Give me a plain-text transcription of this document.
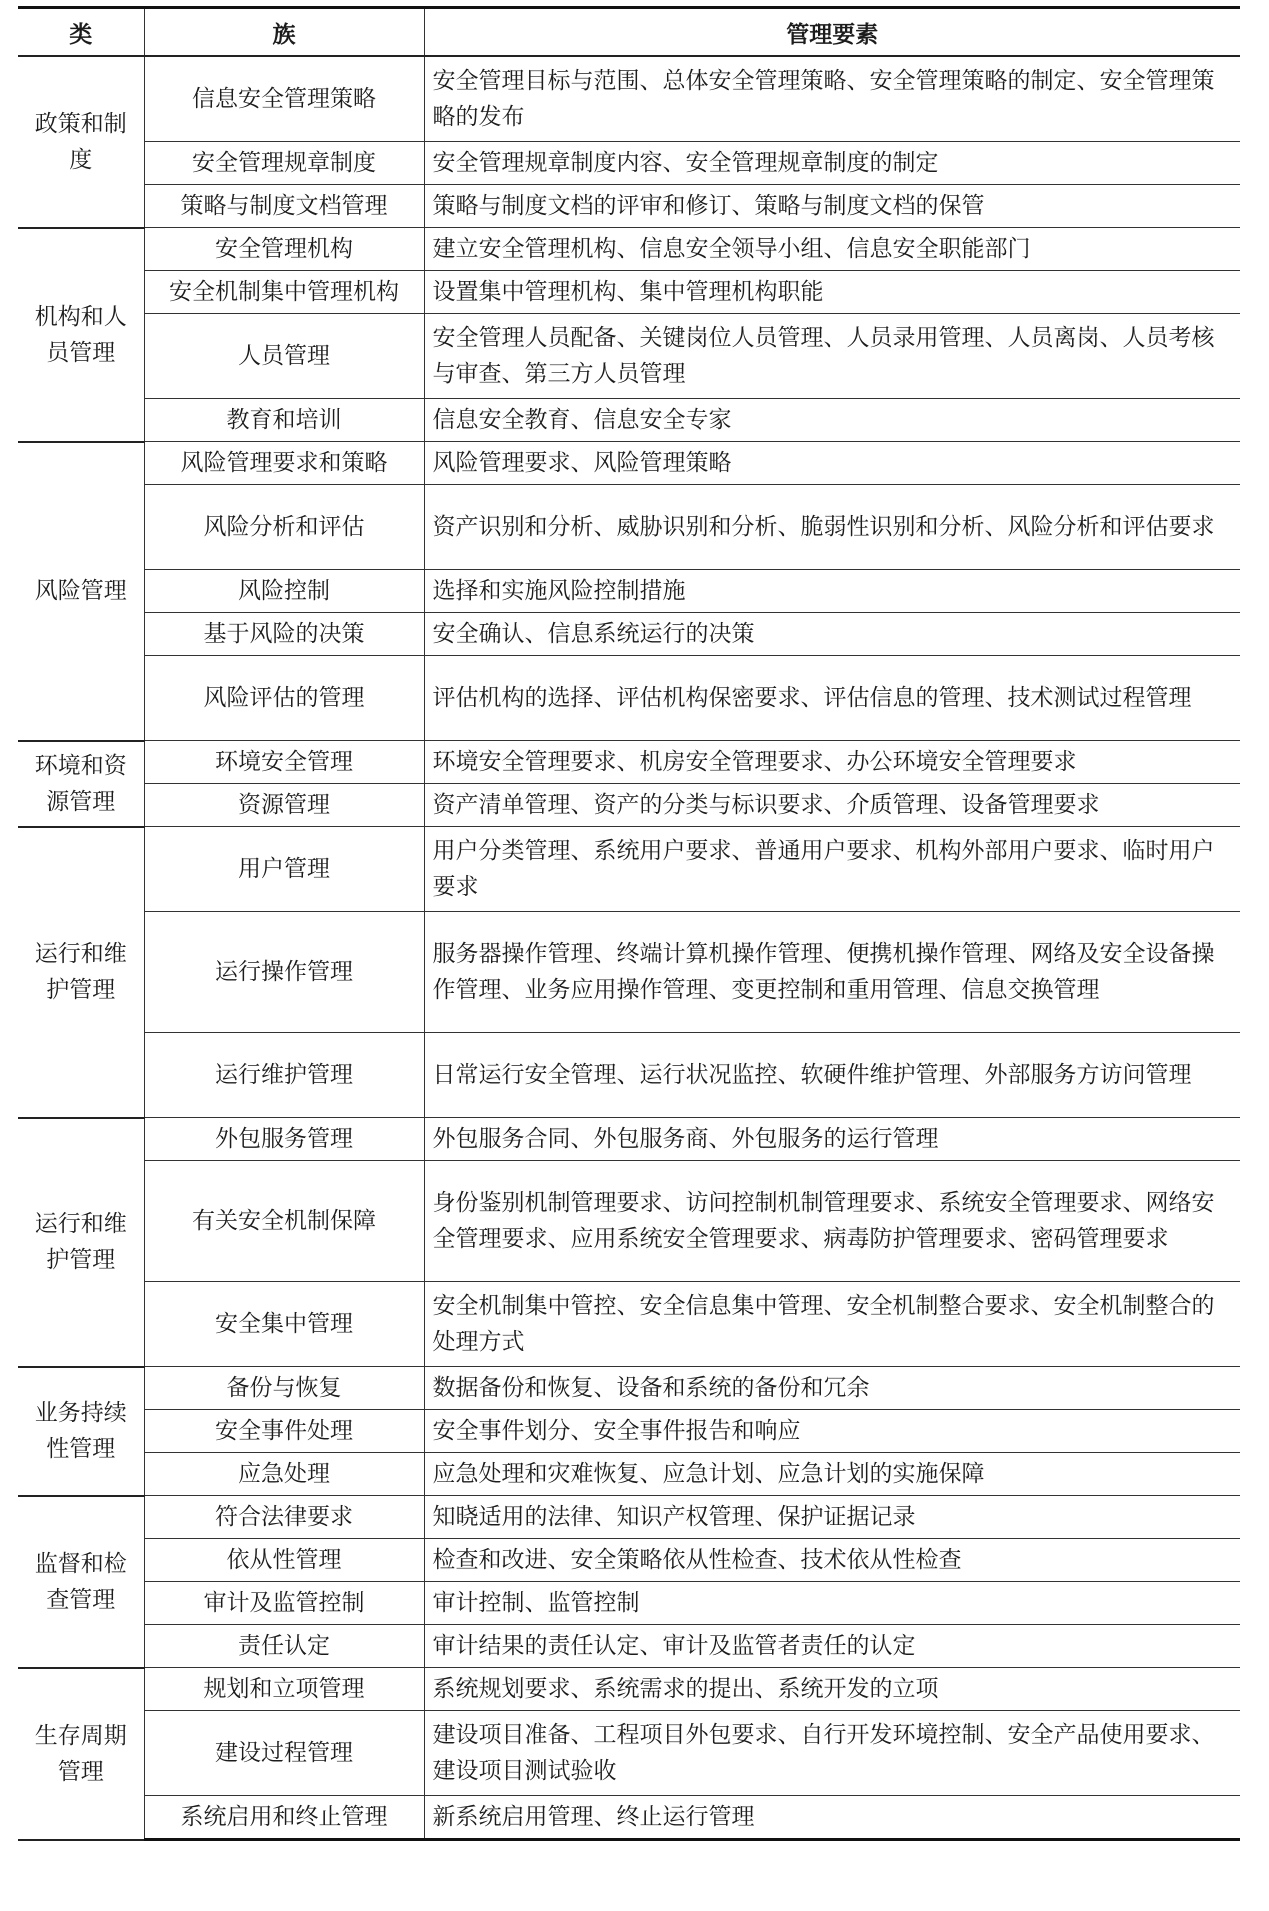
类	族	管理要素
政策和制度	信息安全管理策略	安全管理目标与范围、总体安全管理策略、安全管理策略的制定、安全管理策略的发布
	安全管理规章制度	安全管理规章制度内容、安全管理规章制度的制定
	策略与制度文档管理	策略与制度文档的评审和修订、策略与制度文档的保管
机构和人员管理	安全管理机构	建立安全管理机构、信息安全领导小组、信息安全职能部门
	安全机制集中管理机构	设置集中管理机构、集中管理机构职能
	人员管理	安全管理人员配备、关键岗位人员管理、人员录用管理、人员离岗、人员考核与审查、第三方人员管理
	教育和培训	信息安全教育、信息安全专家
风险管理	风险管理要求和策略	风险管理要求、风险管理策略
	风险分析和评估	资产识别和分析、威胁识别和分析、脆弱性识别和分析、风险分析和评估要求
	风险控制	选择和实施风险控制措施
	基于风险的决策	安全确认、信息系统运行的决策
	风险评估的管理	评估机构的选择、评估机构保密要求、评估信息的管理、技术测试过程管理
环境和资源管理	环境安全管理	环境安全管理要求、机房安全管理要求、办公环境安全管理要求
	资源管理	资产清单管理、资产的分类与标识要求、介质管理、设备管理要求
运行和维护管理	用户管理	用户分类管理、系统用户要求、普通用户要求、机构外部用户要求、临时用户要求
	运行操作管理	服务器操作管理、终端计算机操作管理、便携机操作管理、网络及安全设备操作管理、业务应用操作管理、变更控制和重用管理、信息交换管理
	运行维护管理	日常运行安全管理、运行状况监控、软硬件维护管理、外部服务方访问管理
运行和维护管理	外包服务管理	外包服务合同、外包服务商、外包服务的运行管理
	有关安全机制保障	身份鉴别机制管理要求、访问控制机制管理要求、系统安全管理要求、网络安全管理要求、应用系统安全管理要求、病毒防护管理要求、密码管理要求
	安全集中管理	安全机制集中管控、安全信息集中管理、安全机制整合要求、安全机制整合的处理方式
业务持续性管理	备份与恢复	数据备份和恢复、设备和系统的备份和冗余
	安全事件处理	安全事件划分、安全事件报告和响应
	应急处理	应急处理和灾难恢复、应急计划、应急计划的实施保障
监督和检查管理	符合法律要求	知晓适用的法律、知识产权管理、保护证据记录
	依从性管理	检查和改进、安全策略依从性检查、技术依从性检查
	审计及监管控制	审计控制、监管控制
	责任认定	审计结果的责任认定、审计及监管者责任的认定
生存周期管理	规划和立项管理	系统规划要求、系统需求的提出、系统开发的立项
	建设过程管理	建设项目准备、工程项目外包要求、自行开发环境控制、安全产品使用要求、建设项目测试验收
	系统启用和终止管理	新系统启用管理、终止运行管理
